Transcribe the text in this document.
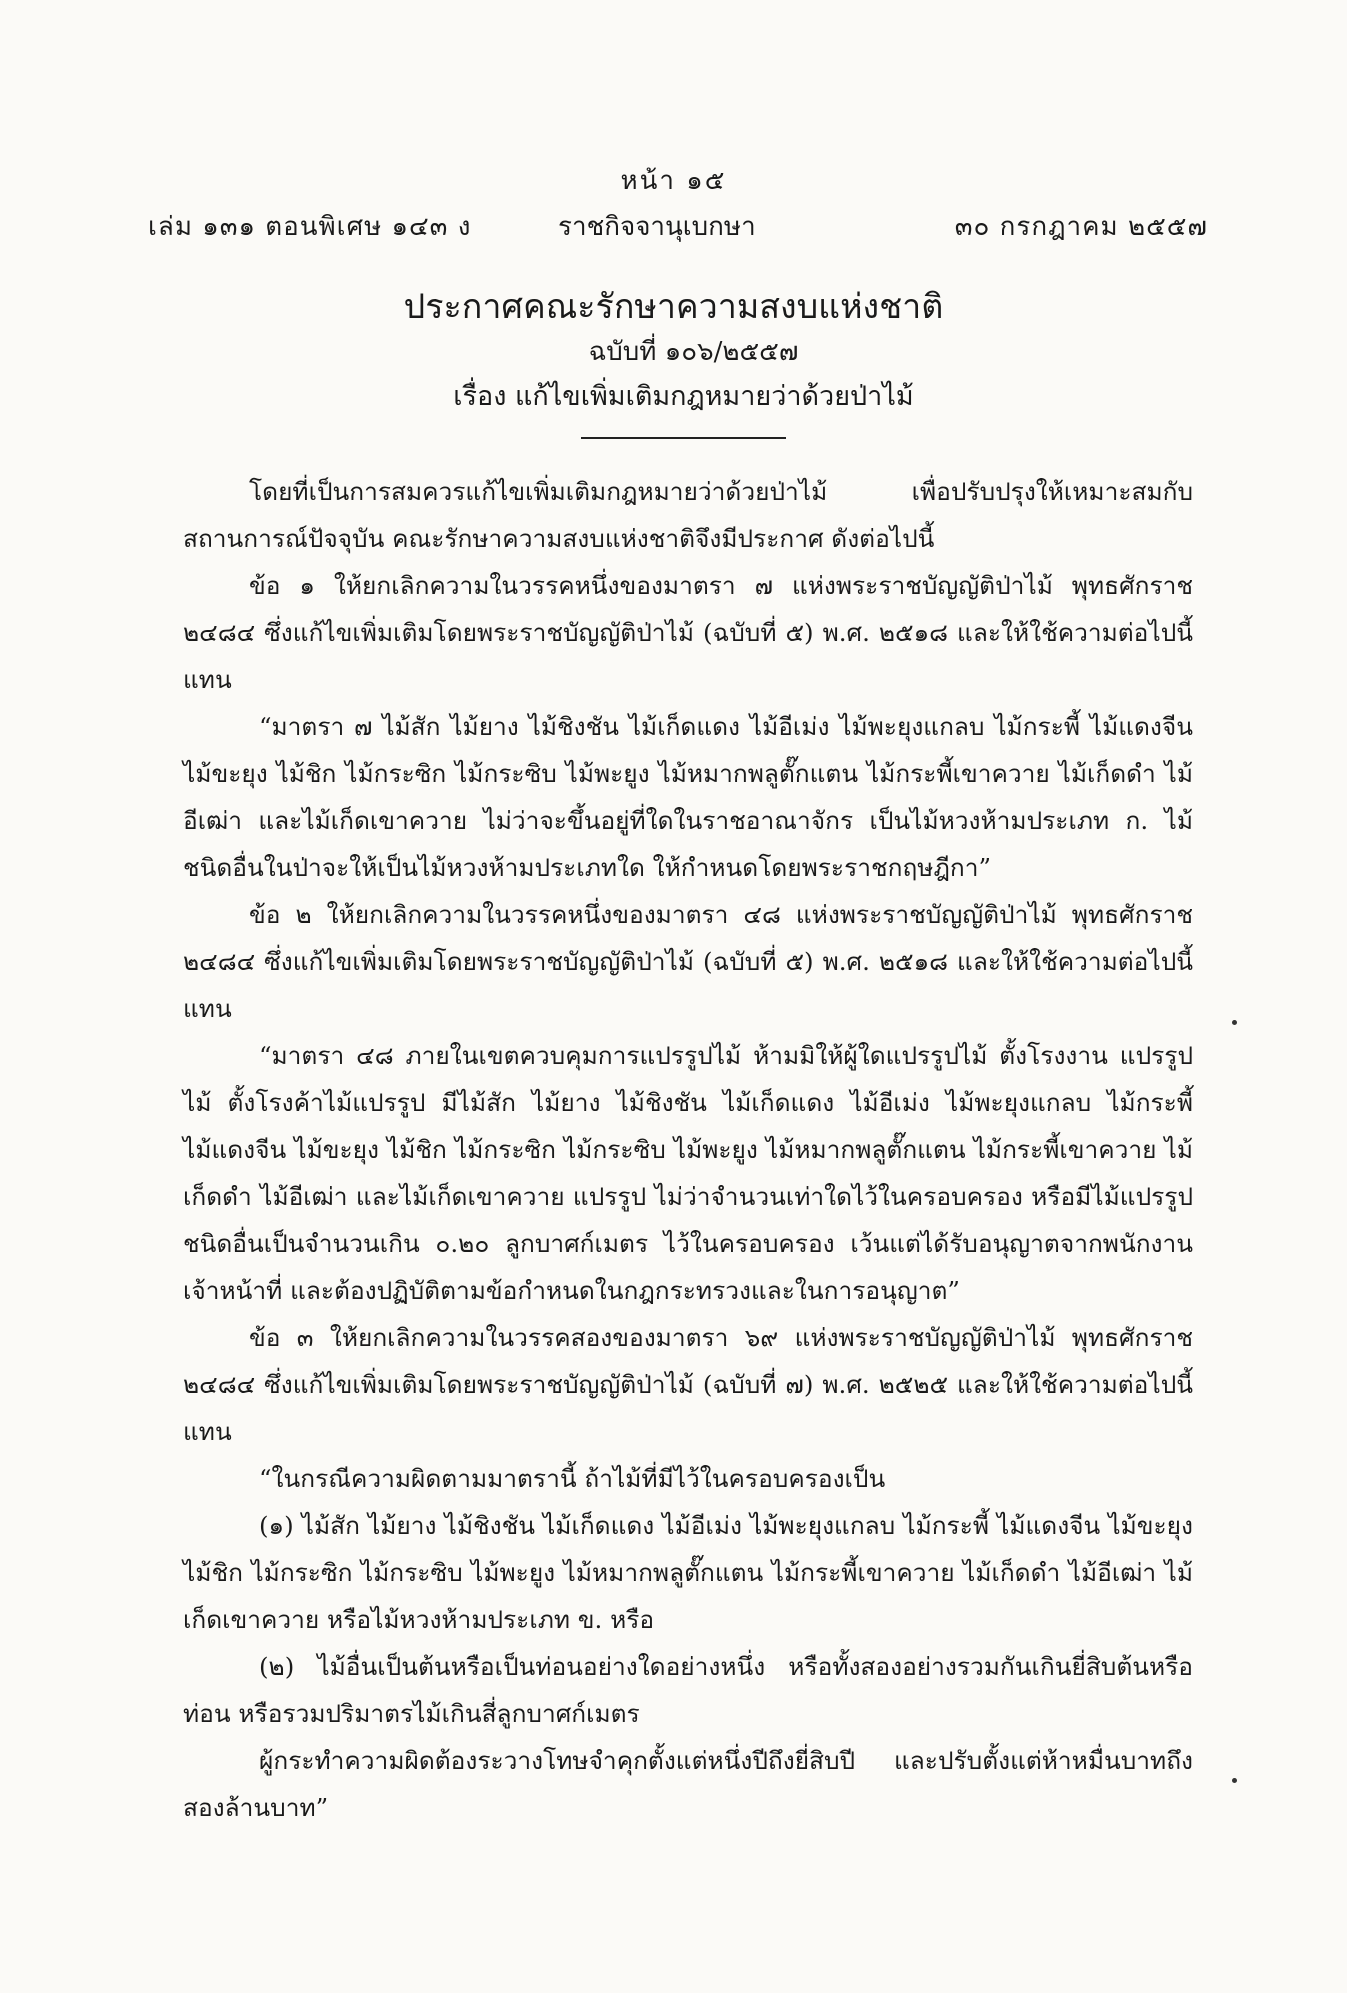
หน้า ๑๕
เล่ม ๑๓๑ ตอนพิเศษ ๑๔๓ ง	ราชกิจจานุเบกษา	๓๐ กรกฎาคม ๒๕๕๗
ประกาศคณะรักษาความสงบแห่งชาติ
ฉบับที่ ๑๐๖/๒๕๕๗
เรื่อง แก้ไขเพิ่มเติมกฎหมายว่าด้วยป่าไม้

โดยที่เป็นการสมควรแก้ไขเพิ่มเติมกฎหมายว่าด้วยป่าไม้ เพื่อปรับปรุงให้เหมาะสมกับสถานการณ์ปัจจุบัน คณะรักษาความสงบแห่งชาติจึงมีประกาศ ดังต่อไปนี้

ข้อ ๑ ให้ยกเลิกความในวรรคหนึ่งของมาตรา ๗ แห่งพระราชบัญญัติป่าไม้ พุทธศักราช ๒๔๘๔ ซึ่งแก้ไขเพิ่มเติมโดยพระราชบัญญัติป่าไม้ (ฉบับที่ ๕) พ.ศ. ๒๕๑๘ และให้ใช้ความต่อไปนี้แทน

“มาตรา ๗ ไม้สัก ไม้ยาง ไม้ชิงชัน ไม้เก็ดแดง ไม้อีเม่ง ไม้พะยุงแกลบ ไม้กระพี้ ไม้แดงจีน ไม้ขะยุง ไม้ชิก ไม้กระซิก ไม้กระซิบ ไม้พะยูง ไม้หมากพลูตั๊กแตน ไม้กระพี้เขาควาย ไม้เก็ดดำ ไม้อีเฒ่า และไม้เก็ดเขาควาย ไม่ว่าจะขึ้นอยู่ที่ใดในราชอาณาจักร เป็นไม้หวงห้ามประเภท ก. ไม้ชนิดอื่นในป่าจะให้เป็นไม้หวงห้ามประเภทใด ให้กำหนดโดยพระราชกฤษฎีกา”

ข้อ ๒ ให้ยกเลิกความในวรรคหนึ่งของมาตรา ๔๘ แห่งพระราชบัญญัติป่าไม้ พุทธศักราช ๒๔๘๔ ซึ่งแก้ไขเพิ่มเติมโดยพระราชบัญญัติป่าไม้ (ฉบับที่ ๕) พ.ศ. ๒๕๑๘ และให้ใช้ความต่อไปนี้แทน

“มาตรา ๔๘ ภายในเขตควบคุมการแปรรูปไม้ ห้ามมิให้ผู้ใดแปรรูปไม้ ตั้งโรงงาน แปรรูปไม้ ตั้งโรงค้าไม้แปรรูป มีไม้สัก ไม้ยาง ไม้ชิงชัน ไม้เก็ดแดง ไม้อีเม่ง ไม้พะยุงแกลบ ไม้กระพี้ ไม้แดงจีน ไม้ขะยุง ไม้ชิก ไม้กระซิก ไม้กระซิบ ไม้พะยูง ไม้หมากพลูตั๊กแตน ไม้กระพี้เขาควาย ไม้เก็ดดำ ไม้อีเฒ่า และไม้เก็ดเขาควาย แปรรูป ไม่ว่าจำนวนเท่าใดไว้ในครอบครอง หรือมีไม้แปรรูปชนิดอื่นเป็นจำนวนเกิน ๐.๒๐ ลูกบาศก์เมตร ไว้ในครอบครอง เว้นแต่ได้รับอนุญาตจากพนักงานเจ้าหน้าที่ และต้องปฏิบัติตามข้อกำหนดในกฎกระทรวงและในการอนุญาต”

ข้อ ๓ ให้ยกเลิกความในวรรคสองของมาตรา ๖๙ แห่งพระราชบัญญัติป่าไม้ พุทธศักราช ๒๔๘๔ ซึ่งแก้ไขเพิ่มเติมโดยพระราชบัญญัติป่าไม้ (ฉบับที่ ๗) พ.ศ. ๒๕๒๕ และให้ใช้ความต่อไปนี้แทน

“ในกรณีความผิดตามมาตรานี้ ถ้าไม้ที่มีไว้ในครอบครองเป็น

(๑) ไม้สัก ไม้ยาง ไม้ชิงชัน ไม้เก็ดแดง ไม้อีเม่ง ไม้พะยุงแกลบ ไม้กระพี้ ไม้แดงจีน ไม้ขะยุง ไม้ชิก ไม้กระซิก ไม้กระซิบ ไม้พะยูง ไม้หมากพลูตั๊กแตน ไม้กระพี้เขาควาย ไม้เก็ดดำ ไม้อีเฒ่า ไม้เก็ดเขาควาย หรือไม้หวงห้ามประเภท ข. หรือ

(๒) ไม้อื่นเป็นต้นหรือเป็นท่อนอย่างใดอย่างหนึ่ง หรือทั้งสองอย่างรวมกันเกินยี่สิบต้นหรือท่อน หรือรวมปริมาตรไม้เกินสี่ลูกบาศก์เมตร

ผู้กระทำความผิดต้องระวางโทษจำคุกตั้งแต่หนึ่งปีถึงยี่สิบปี และปรับตั้งแต่ห้าหมื่นบาทถึงสองล้านบาท”
